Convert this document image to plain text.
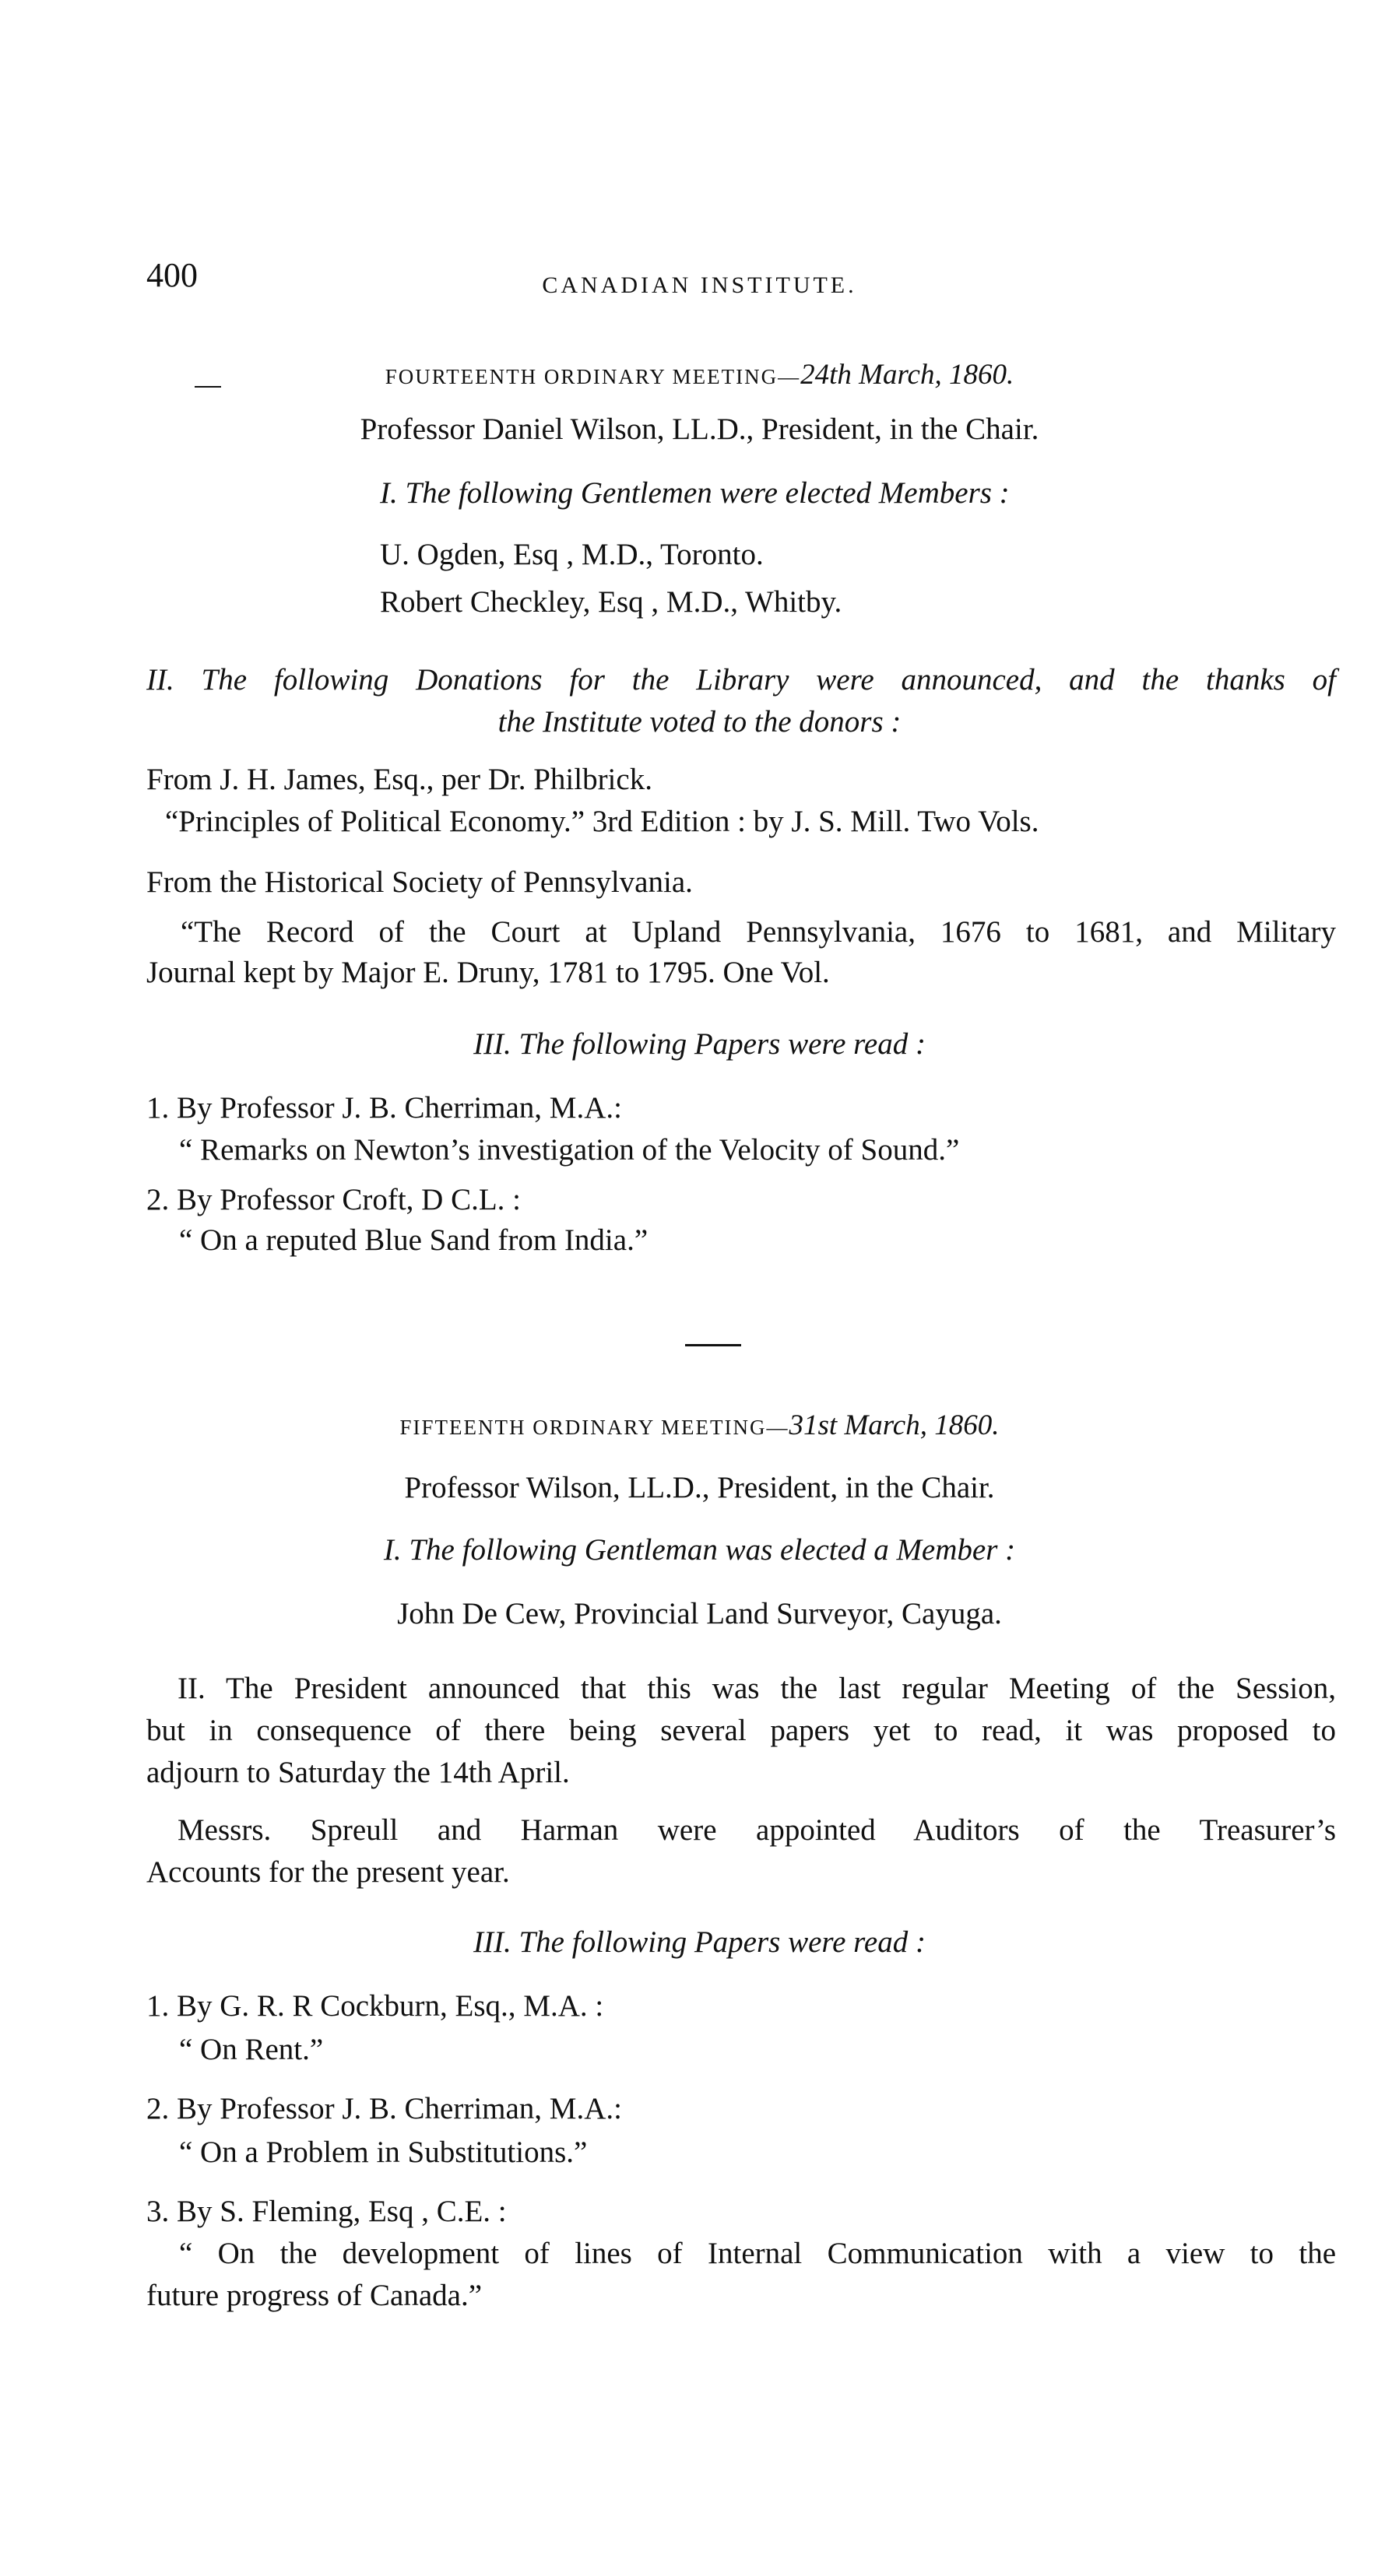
400	CANADIAN INSTITUTE.
FOURTEENTH ORDINARY MEETING—24th March, 1860.
Professor Daniel Wilson, LL.D., President, in the Chair.
I. The following Gentlemen were elected Members :
U. Ogden, Esq , M.D., Toronto.
Robert Checkley, Esq , M.D., Whitby.
II. The following Donations for the Library were announced, and the thanks of
the Institute voted to the donors :
From J. H. James, Esq., per Dr. Philbrick.
“Principles of Political Economy.” 3rd Edition : by J. S. Mill. Two Vols.
From the Historical Society of Pennsylvania.
“The Record of the Court at Upland Pennsylvania, 1676 to 1681, and Military
Journal kept by Major E. Druny, 1781 to 1795. One Vol.
III. The following Papers were read :
1. By Professor J. B. Cherriman, M.A.:
“ Remarks on Newton’s investigation of the Velocity of Sound.”
2. By Professor Croft, D C.L. :
“ On a reputed Blue Sand from India.”
FIFTEENTH ORDINARY MEETING—31st March, 1860.
Professor Wilson, LL.D., President, in the Chair.
I. The following Gentleman was elected a Member :
John De Cew, Provincial Land Surveyor, Cayuga.
II. The President announced that this was the last regular Meeting of the Session,
but in consequence of there being several papers yet to read, it was proposed to
adjourn to Saturday the 14th April.
Messrs. Spreull and Harman were appointed Auditors of the Treasurer’s
Accounts for the present year.
III. The following Papers were read :
1. By G. R. R Cockburn, Esq., M.A. :
“ On Rent.”
2. By Professor J. B. Cherriman, M.A.:
“ On a Problem in Substitutions.”
3. By S. Fleming, Esq , C.E. :
“ On the development of lines of Internal Communication with a view to the
future progress of Canada.”
